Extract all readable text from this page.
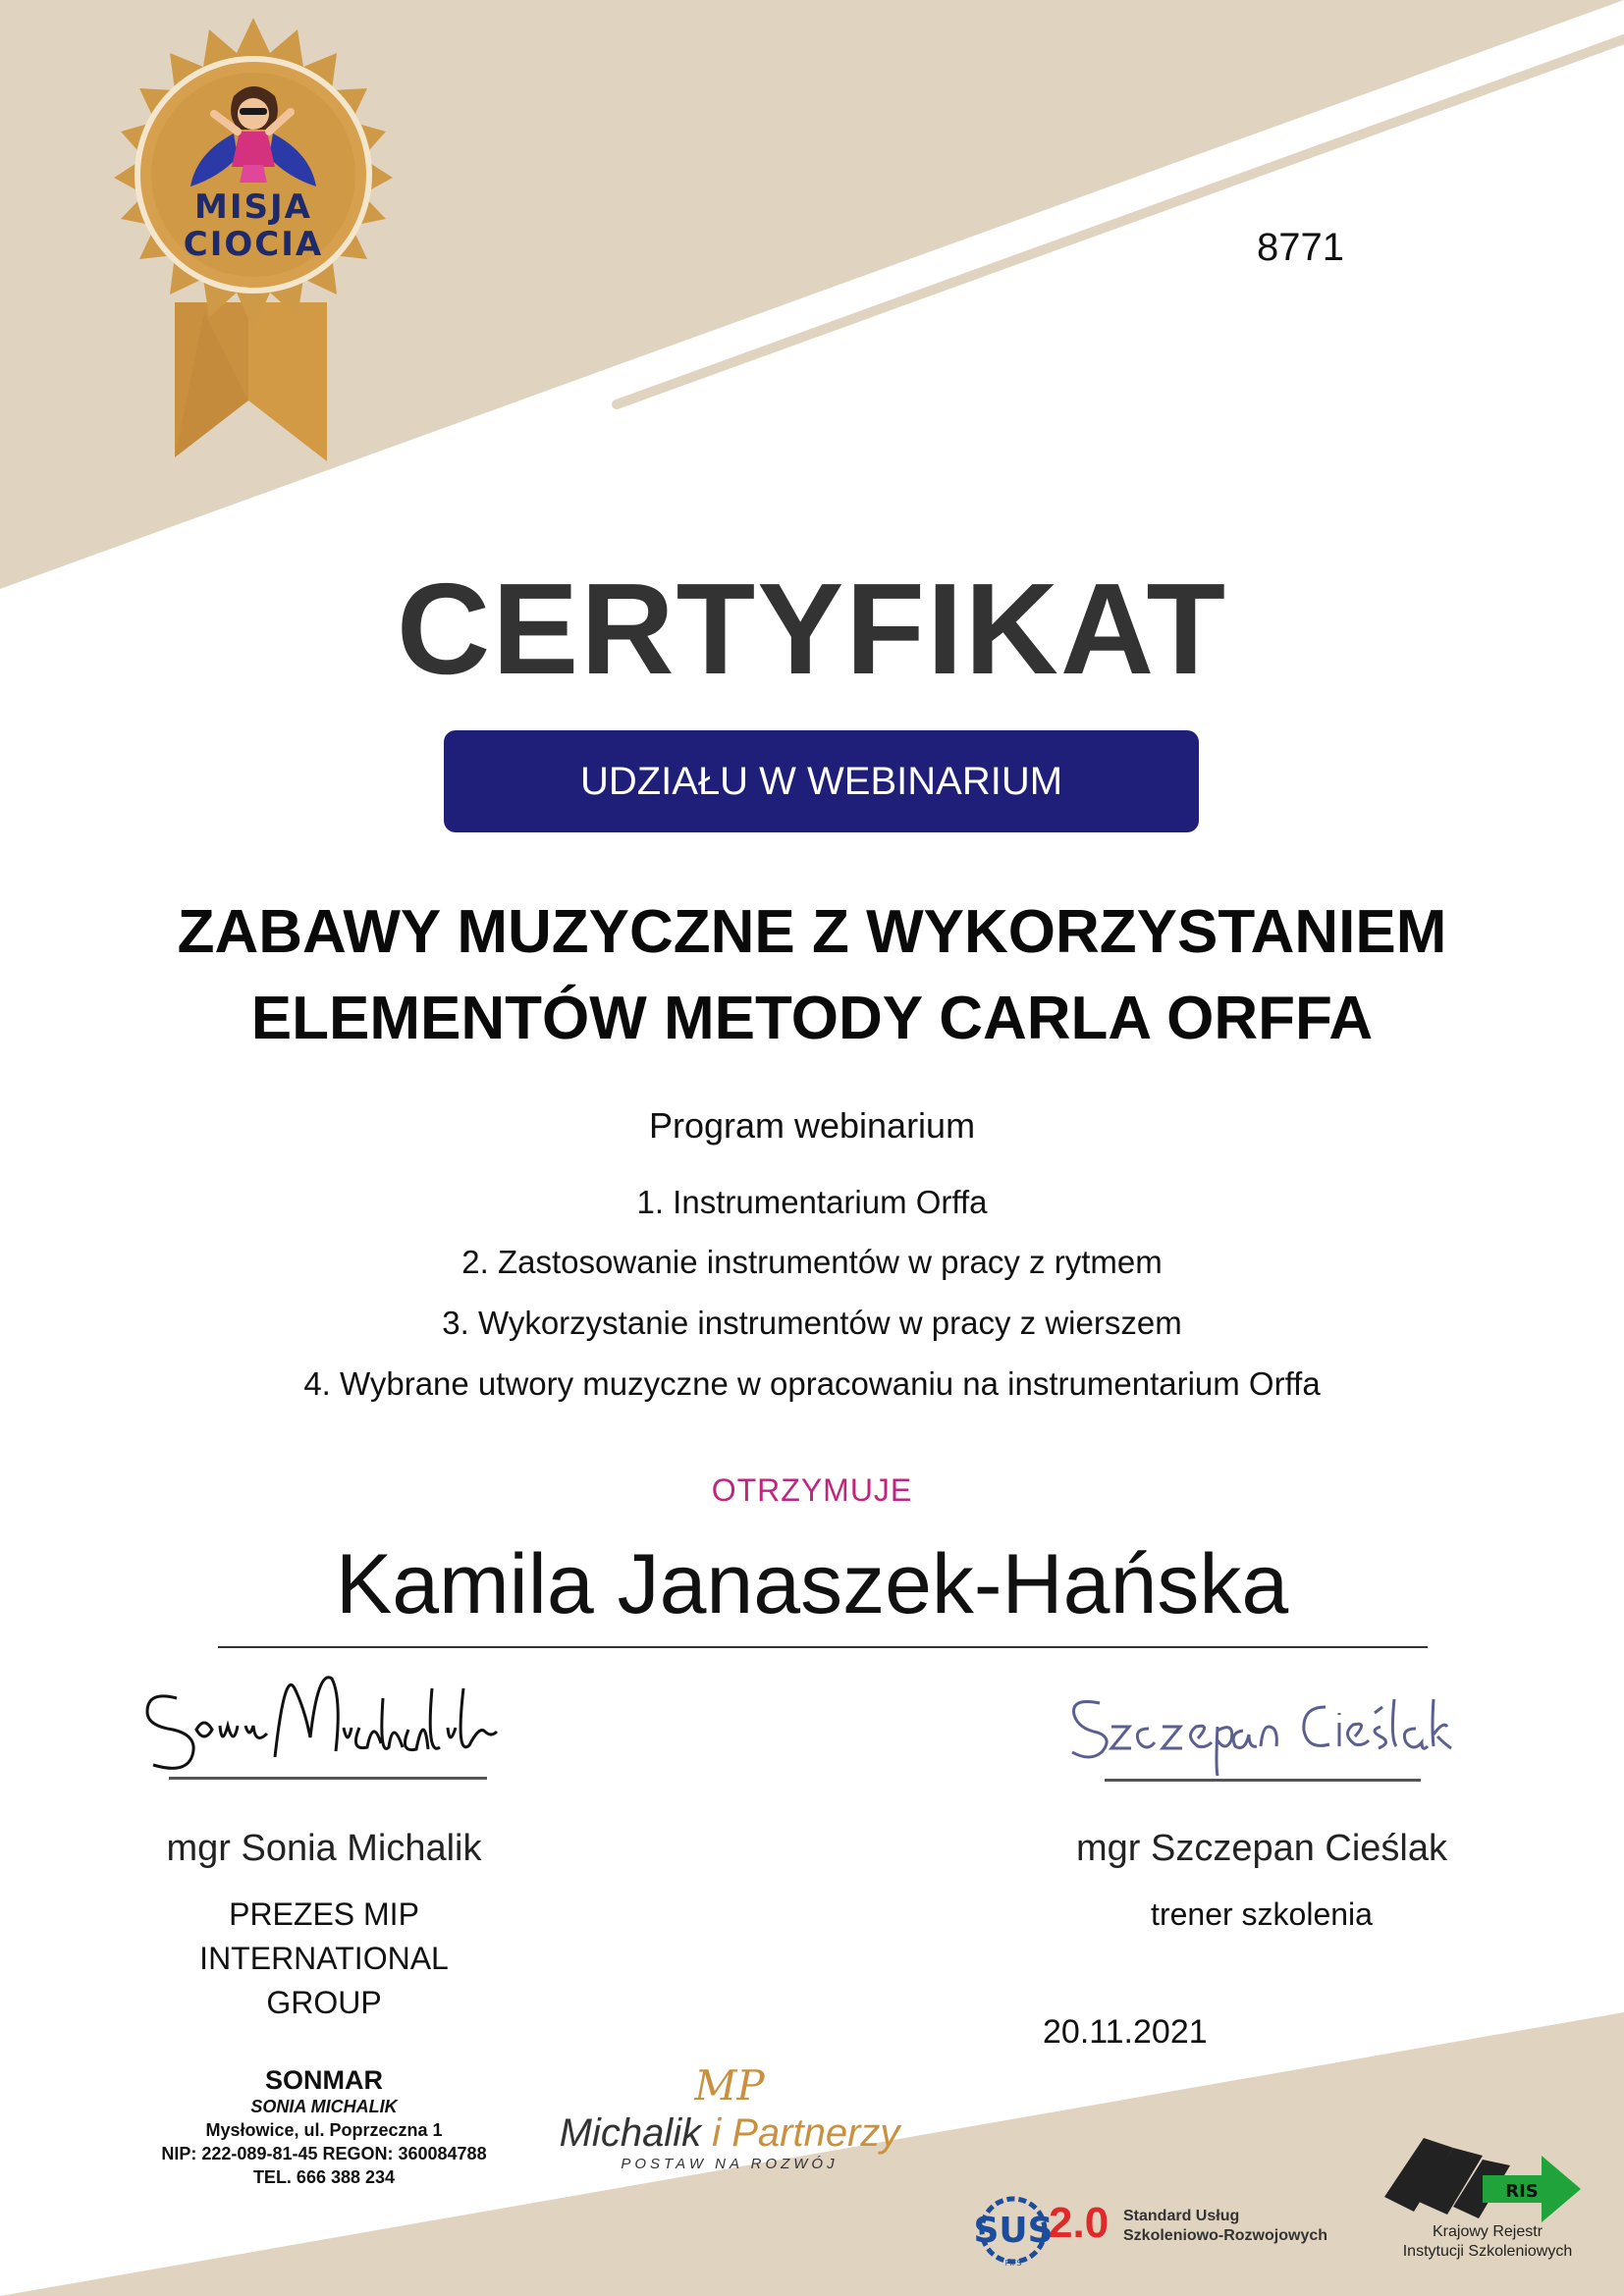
MISJA
CIOCIA	8771
CERTYFIKAT
UDZIAŁU W WEBINARIUM
ZABAWY MUZYCZNE Z WYKORZYSTANIEM
ELEMENTÓW METODY CARLA ORFFA
Program webinarium
1. Instrumentarium Orffa
2. Zastosowanie instrumentów w pracy z rytmem
3. Wykorzystanie instrumentów w pracy z wierszem
4. Wybrane utwory muzyczne w opracowaniu na instrumentarium Orffa
OTRZYMUJE
Kamila Janaszek-Hańska
mgr Sonia Michalik
PREZES MIP
INTERNATIONAL
GROUP
mgr Szczepan Cieślak
trener szkolenia
20.11.2021
SONMAR
SONIA MICHALIK
Mysłowice, ul. Poprzeczna 1
NIP: 222-089-81-45 REGON: 360084788
TEL. 666 388 234
MP
Michalik i Partnerzy
POSTAW NA ROZWÓJ
SUS
PIFS
2.0 Standard Usług
Szkoleniowo-Rozwojowych
RIS
Krajowy Rejestr
Instytucji Szkoleniowych
